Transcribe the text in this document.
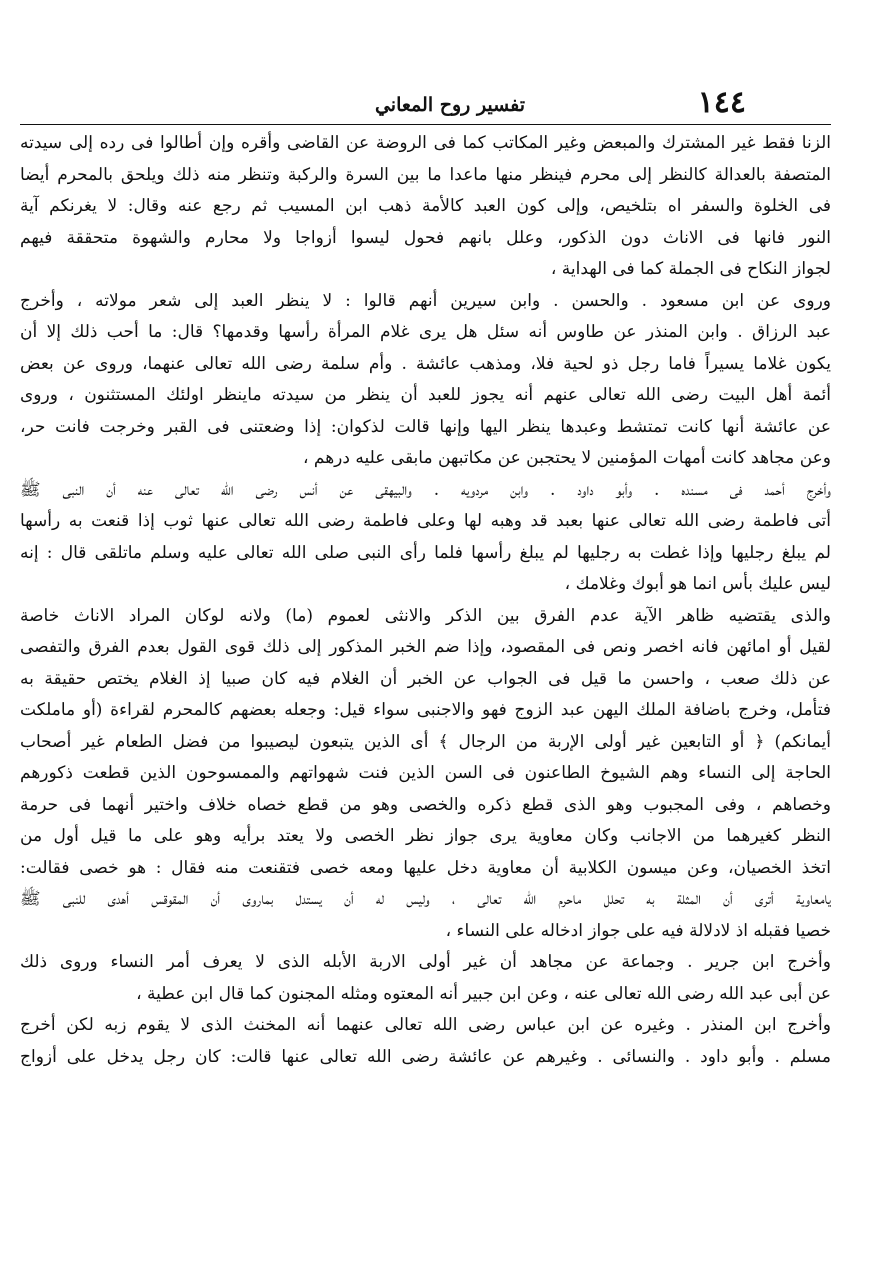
١٤٤
تفسير روح المعاني
الزنا فقط غير المشترك والمبعض وغير المكاتب كما فى الروضة عن القاضى وأقره وإن أطالوا فى رده إلى سيدته
المتصفة بالعدالة كالنظر إلى محرم فينظر منها ماعدا ما بين السرة والركبة وتنظر منه ذلك ويلحق بالمحرم أيضا
فى الخلوة والسفر اه بتلخيص، وإلى كون العبد كالأمة ذهب ابن المسيب ثم رجع عنه وقال: لا يغرنكم آية
النور فانها فى الاناث دون الذكور، وعلل بانهم فحول ليسوا أزواجا ولا محارم والشهوة متحققة فيهم
لجواز النكاح فى الجملة كما فى الهداية ،
وروى عن ابن مسعود . والحسن . وابن سيرين أنهم قالوا : لا ينظر العبد إلى شعر مولاته ، وأخرج
عبد الرزاق . وابن المنذر عن طاوس أنه سئل هل يرى غلام المرأة رأسها وقدمها؟ قال: ما أحب ذلك إلا أن
يكون غلاما يسيراً فاما رجل ذو لحية فلا، ومذهب عائشة . وأم سلمة رضى الله تعالى عنهما، وروى عن بعض
أئمة أهل البيت رضى الله تعالى عنهم أنه يجوز للعبد أن ينظر من سيدته ماينظر اولئك المستثنون ، وروى
عن عائشة أنها كانت تمتشط وعبدها ينظر اليها وإنها قالت لذكوان: إذا وضعتنى فى القبر وخرجت فانت حر،
وعن مجاهد كانت أمهات المؤمنين لا يحتجبن عن مكاتبهن مابقى عليه درهم ،
وأخرج أحمد فى مسنده . وأبو داود . وابن مردويه . والبيهقى عن أنس رضى الله تعالى عنه أن النبى ﷺ
أتى فاطمة رضى الله تعالى عنها بعبد قد وهبه لها وعلى فاطمة رضى الله تعالى عنها ثوب إذا قنعت به رأسها
لم يبلغ رجليها وإذا غطت به رجليها لم يبلغ رأسها فلما رأى النبى صلى الله تعالى عليه وسلم ماتلقى قال : إنه
ليس عليك بأس انما هو أبوك وغلامك ،
والذى يقتضيه ظاهر الآية عدم الفرق بين الذكر والانثى لعموم (ما) ولانه لوكان المراد الاناث خاصة
لقيل أو امائهن فانه اخصر ونص فى المقصود، وإذا ضم الخبر المذكور إلى ذلك قوى القول بعدم الفرق والتفصى
عن ذلك صعب ، واحسن ما قيل فى الجواب عن الخبر أن الغلام فيه كان صبيا إذ الغلام يختص حقيقة به
فتأمل، وخرج باضافة الملك اليهن عبد الزوج فهو والاجنبى سواء قيل: وجعله بعضهم كالمحرم لقراءة (أو ماملكت
أيمانكم) ﴿ أو التابعين غير أولى الإربة من الرجال ﴾ أى الذين يتبعون ليصيبوا من فضل الطعام غير أصحاب
الحاجة إلى النساء وهم الشيوخ الطاعنون فى السن الذين فنت شهواتهم والممسوحون الذين قطعت ذكورهم
وخصاهم ، وفى المجبوب وهو الذى قطع ذكره والخصى وهو من قطع خصاه خلاف واختير أنهما فى حرمة
النظر كغيرهما من الاجانب وكان معاوية يرى جواز نظر الخصى ولا يعتد برأيه وهو على ما قيل أول من
اتخذ الخصيان، وعن ميسون الكلابية أن معاوية دخل عليها ومعه خصى فتقنعت منه فقال : هو خصى فقالت:
يامعاوية أترى أن المثلة به تحلل ماحرم الله تعالى ، وليس له أن يستدل بماروى أن المقوقس أهدى للنبى ﷺ
خصيا فقبله اذ لادلالة فيه على جواز ادخاله على النساء ،
وأخرج ابن جرير . وجماعة عن مجاهد أن غير أولى الاربة الأبله الذى لا يعرف أمر النساء وروى ذلك
عن أبى عبد الله رضى الله تعالى عنه ، وعن ابن جبير أنه المعتوه ومثله المجنون كما قال ابن عطية ،
وأخرج ابن المنذر . وغيره عن ابن عباس رضى الله تعالى عنهما أنه المخنث الذى لا يقوم زبه لكن أخرج
مسلم . وأبو داود . والنسائى . وغيرهم عن عائشة رضى الله تعالى عنها قالت: كان رجل يدخل على أزواج
